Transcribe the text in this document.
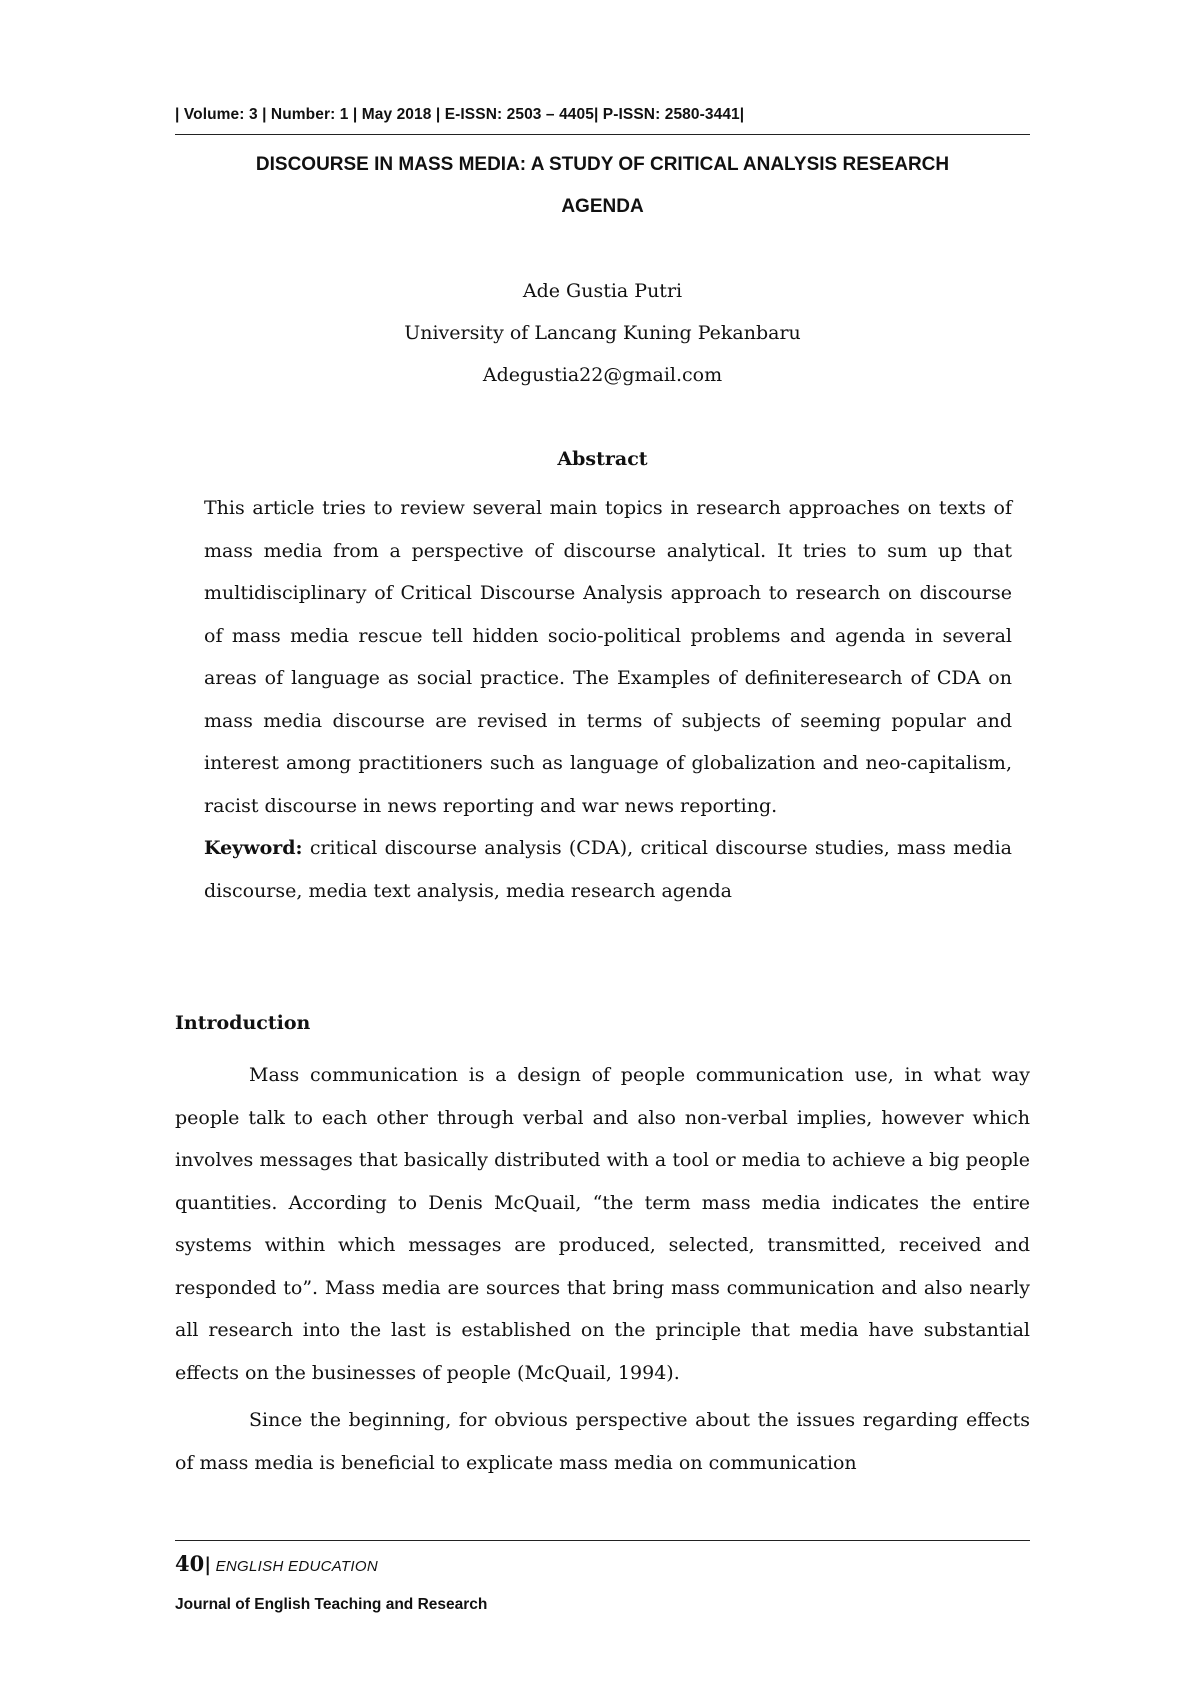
| Volume: 3 | Number: 1 | May 2018 | E-ISSN: 2503 – 4405| P-ISSN: 2580-3441|
DISCOURSE IN MASS MEDIA: A STUDY OF CRITICAL ANALYSIS RESEARCH
AGENDA
Ade Gustia Putri
University of Lancang Kuning Pekanbaru
Adegustia22@gmail.com
Abstract

This article tries to review several main topics in research approaches on texts of mass media from a perspective of discourse analytical. It tries to sum up that multidisciplinary of Critical Discourse Analysis approach to research on discourse of mass media rescue tell hidden socio-political problems and agenda in several areas of language as social practice. The Examples of definiteresearch of CDA on mass media discourse are revised in terms of subjects of seeming popular and interest among practitioners such as language of globalization and neo-capitalism, racist discourse in news reporting and war news reporting.

Keyword: critical discourse analysis (CDA), critical discourse studies, mass media discourse, media text analysis, media research agenda

Introduction

Mass communication is a design of people communication use, in what way people talk to each other through verbal and also non-verbal implies, however which involves messages that basically distributed with a tool or media to achieve a big people quantities. According to Denis McQuail, “the term mass media indicates the entire systems within which messages are produced, selected, transmitted, received and responded to”. Mass media are sources that bring mass communication and also nearly all research into the last is established on the principle that media have substantial effects on the businesses of people (McQuail, 1994).

Since the beginning, for obvious perspective about the issues regarding effects of mass media is beneficial to explicate mass media on communication

40| ENGLISH EDUCATION
Journal of English Teaching and Research
